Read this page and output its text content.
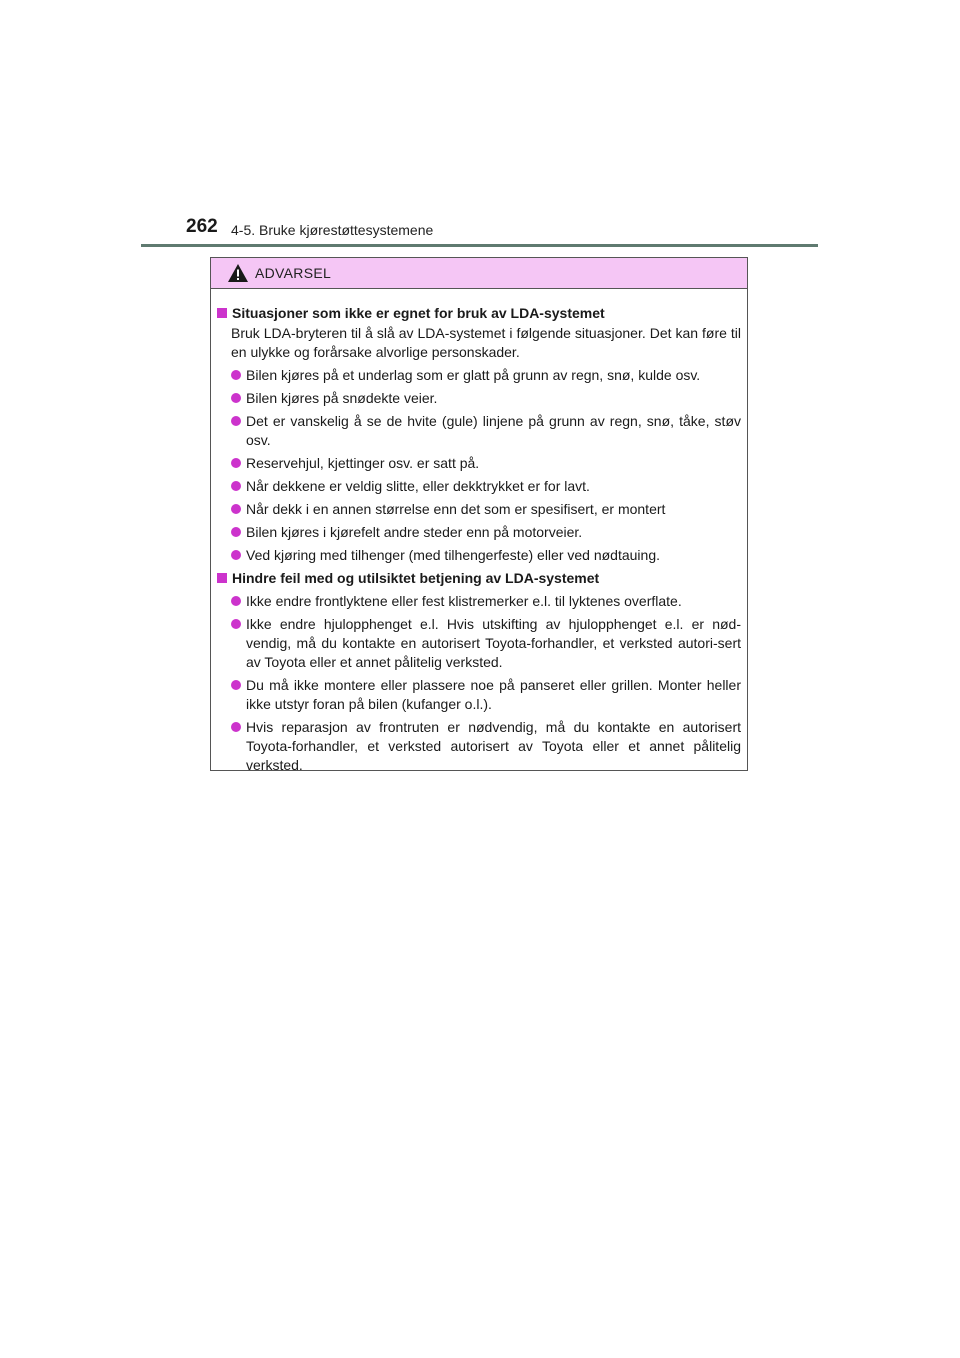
262 4-5. Bruke kjørestøttesystemene
ADVARSEL
Situasjoner som ikke er egnet for bruk av LDA-systemet
Bruk LDA-bryteren til å slå av LDA-systemet i følgende situasjoner. Det kan føre til en ulykke og forårsake alvorlige personskader.
Bilen kjøres på et underlag som er glatt på grunn av regn, snø, kulde osv.
Bilen kjøres på snødekte veier.
Det er vanskelig å se de hvite (gule) linjene på grunn av regn, snø, tåke, støv osv.
Reservehjul, kjettinger osv. er satt på.
Når dekkene er veldig slitte, eller dekktrykket er for lavt.
Når dekk i en annen størrelse enn det som er spesifisert, er montert
Bilen kjøres i kjørefelt andre steder enn på motorveier.
Ved kjøring med tilhenger (med tilhengerfeste) eller ved nødtauing.
Hindre feil med og utilsiktet betjening av LDA-systemet
Ikke endre frontlyktene eller fest klistremerker e.l. til lyktenes overflate.
Ikke endre hjulopphenget e.l. Hvis utskifting av hjulopphenget e.l. er nød-vendig, må du kontakte en autorisert Toyota-forhandler, et verksted autori-sert av Toyota eller et annet pålitelig verksted.
Du må ikke montere eller plassere noe på panseret eller grillen. Monter heller ikke utstyr foran på bilen (kufanger o.l.).
Hvis reparasjon av frontruten er nødvendig, må du kontakte en autorisert Toyota-forhandler, et verksted autorisert av Toyota eller et annet pålitelig verksted.
